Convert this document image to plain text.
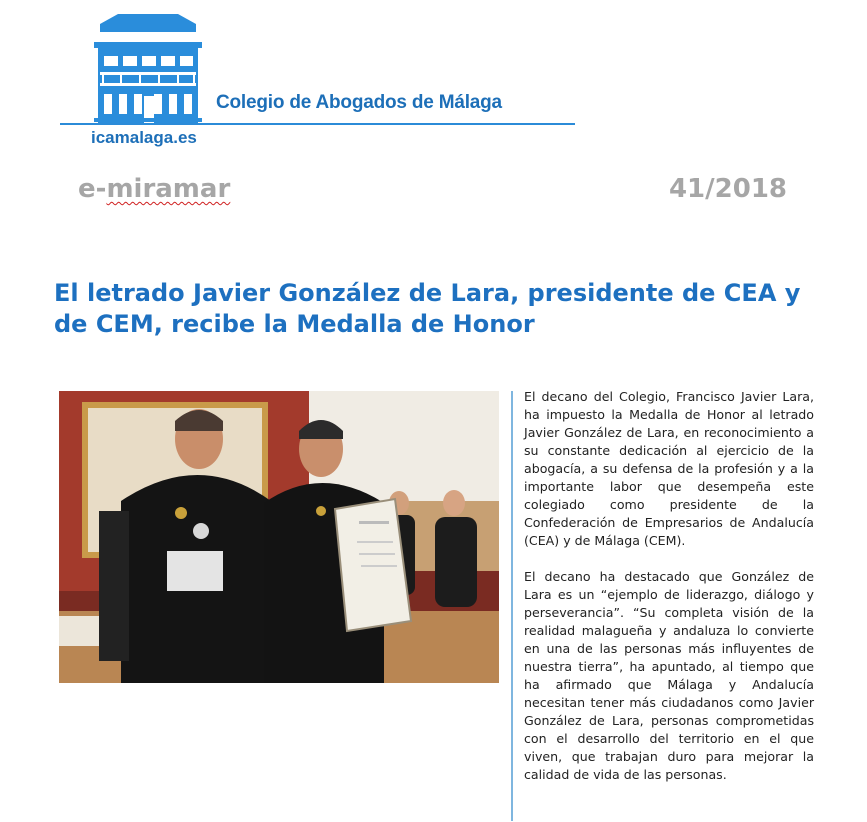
Colegio de Abogados de Málaga
icamalaga.es
e-miramar	41/2018
El letrado Javier González de Lara, presidente de CEA y de CEM, recibe la Medalla de Honor

El decano del Colegio, Francisco Javier Lara, ha impuesto la Medalla de Honor al letrado Javier González de Lara, en reconocimiento a su constante dedicación al ejercicio de la abogacía, a su defensa de la profesión y a la importante labor que desempeña este colegiado como presidente de la Confederación de Empresarios de Andalucía (CEA) y de Málaga (CEM).

El decano ha destacado que González de Lara es un “ejemplo de liderazgo, diálogo y perseverancia”. “Su completa visión de la realidad malagueña y andaluza lo convierte en una de las personas más influyentes de nuestra tierra”, ha apuntado, al tiempo que ha afirmado que Málaga y Andalucía necesitan tener más ciudadanos como Javier González de Lara, personas comprometidas con el desarrollo del territorio en el que viven, que trabajan duro para mejorar la calidad de vida de las personas.
